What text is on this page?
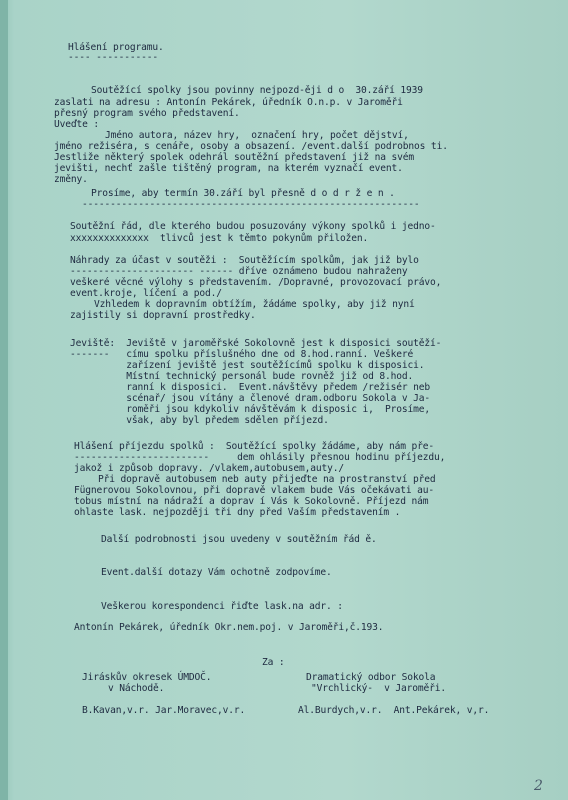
Hlášení programu.
---- -----------
Soutěžící spolky jsou povinny nejpozd-ěji d o  30.září 1939
zaslati na adresu : Antonín Pekárek, úředník O.n.p. v Jaroměři
přesný program svého představení.
Uveďte :
Jméno autora, název hry,  označení hry, počet dějství,
jméno režiséra, s cenáře, osoby a obsazení. /event.další podrobnos ti.
Jestliže některý spolek odehrál soutěžní představení již na svém
jevišti, nechť zašle tištěný program, na kterém vyznačí event.
změny.
Prosíme, aby termín 30.září byl přesně d o d r ž e n .
------------------------------------------------------------
Soutěžní řád, dle kterého budou posuzovány výkony spolků i jedno-
xxxxxxxxxxxxxx  tlivců jest k těmto pokynům přiložen.
Náhrady za účast v soutěži :  Soutěžícím spolkům, jak již bylo
---------------------- ------ dříve oznámeno budou nahraženy
veškeré věcné výlohy s představením. /Dopravné, provozovací právo,
event.kroje, líčení a pod./
Vzhledem k dopravním obtížím, žádáme spolky, aby již nyní
zajistily si dopravní prostředky.
Jeviště:  Jeviště v jaroměřské Sokolovně jest k disposici soutěží-
-------   címu spolku příslušného dne od 8.hod.ranní. Veškeré
zařízení jeviště jest soutěžícímů spolku k disposici.
Místní technický personál bude rovněž již od 8.hod.
ranní k disposici.  Event.návštěvy předem /režisér neb
scénař/ jsou vítány a členové dram.odboru Sokola v Ja-
roměři jsou kdykoliv návštěvám k disposic i,  Prosíme,
však, aby byl předem sdělen příjezd.
Hlášení příjezdu spolků :  Soutěžící spolky žádáme, aby nám pře-
------------------------     dem ohlásily přesnou hodinu příjezdu,
jakož i způsob dopravy. /vlakem,autobusem,auty./
Při dopravě autobusem neb auty přijeďte na prostranství před
Fügnerovou Sokolovnou, při dopravě vlakem bude Vás očekávati au-
tobus místní na nádraží a doprav í Vás k Sokolovně. Příjezd nám
ohlaste lask. nejpozději tři dny před Vaším představením .
Další podrobnosti jsou uvedeny v soutěžním řád ě.
Event.další dotazy Vám ochotně zodpovíme.
Veškerou korespondenci řiďte lask.na adr. :
Antonín Pekárek, úředník Okr.nem.poj. v Jaroměři,č.193.
Za :
Jiráskův okresek ÚMDOČ.	Dramatický odbor Sokola
v Náchodě.	"Vrchlický-  v Jaroměři.
B.Kavan,v.r. Jar.Moravec,v.r.	Al.Burdych,v.r.  Ant.Pekárek, v,r.
2
